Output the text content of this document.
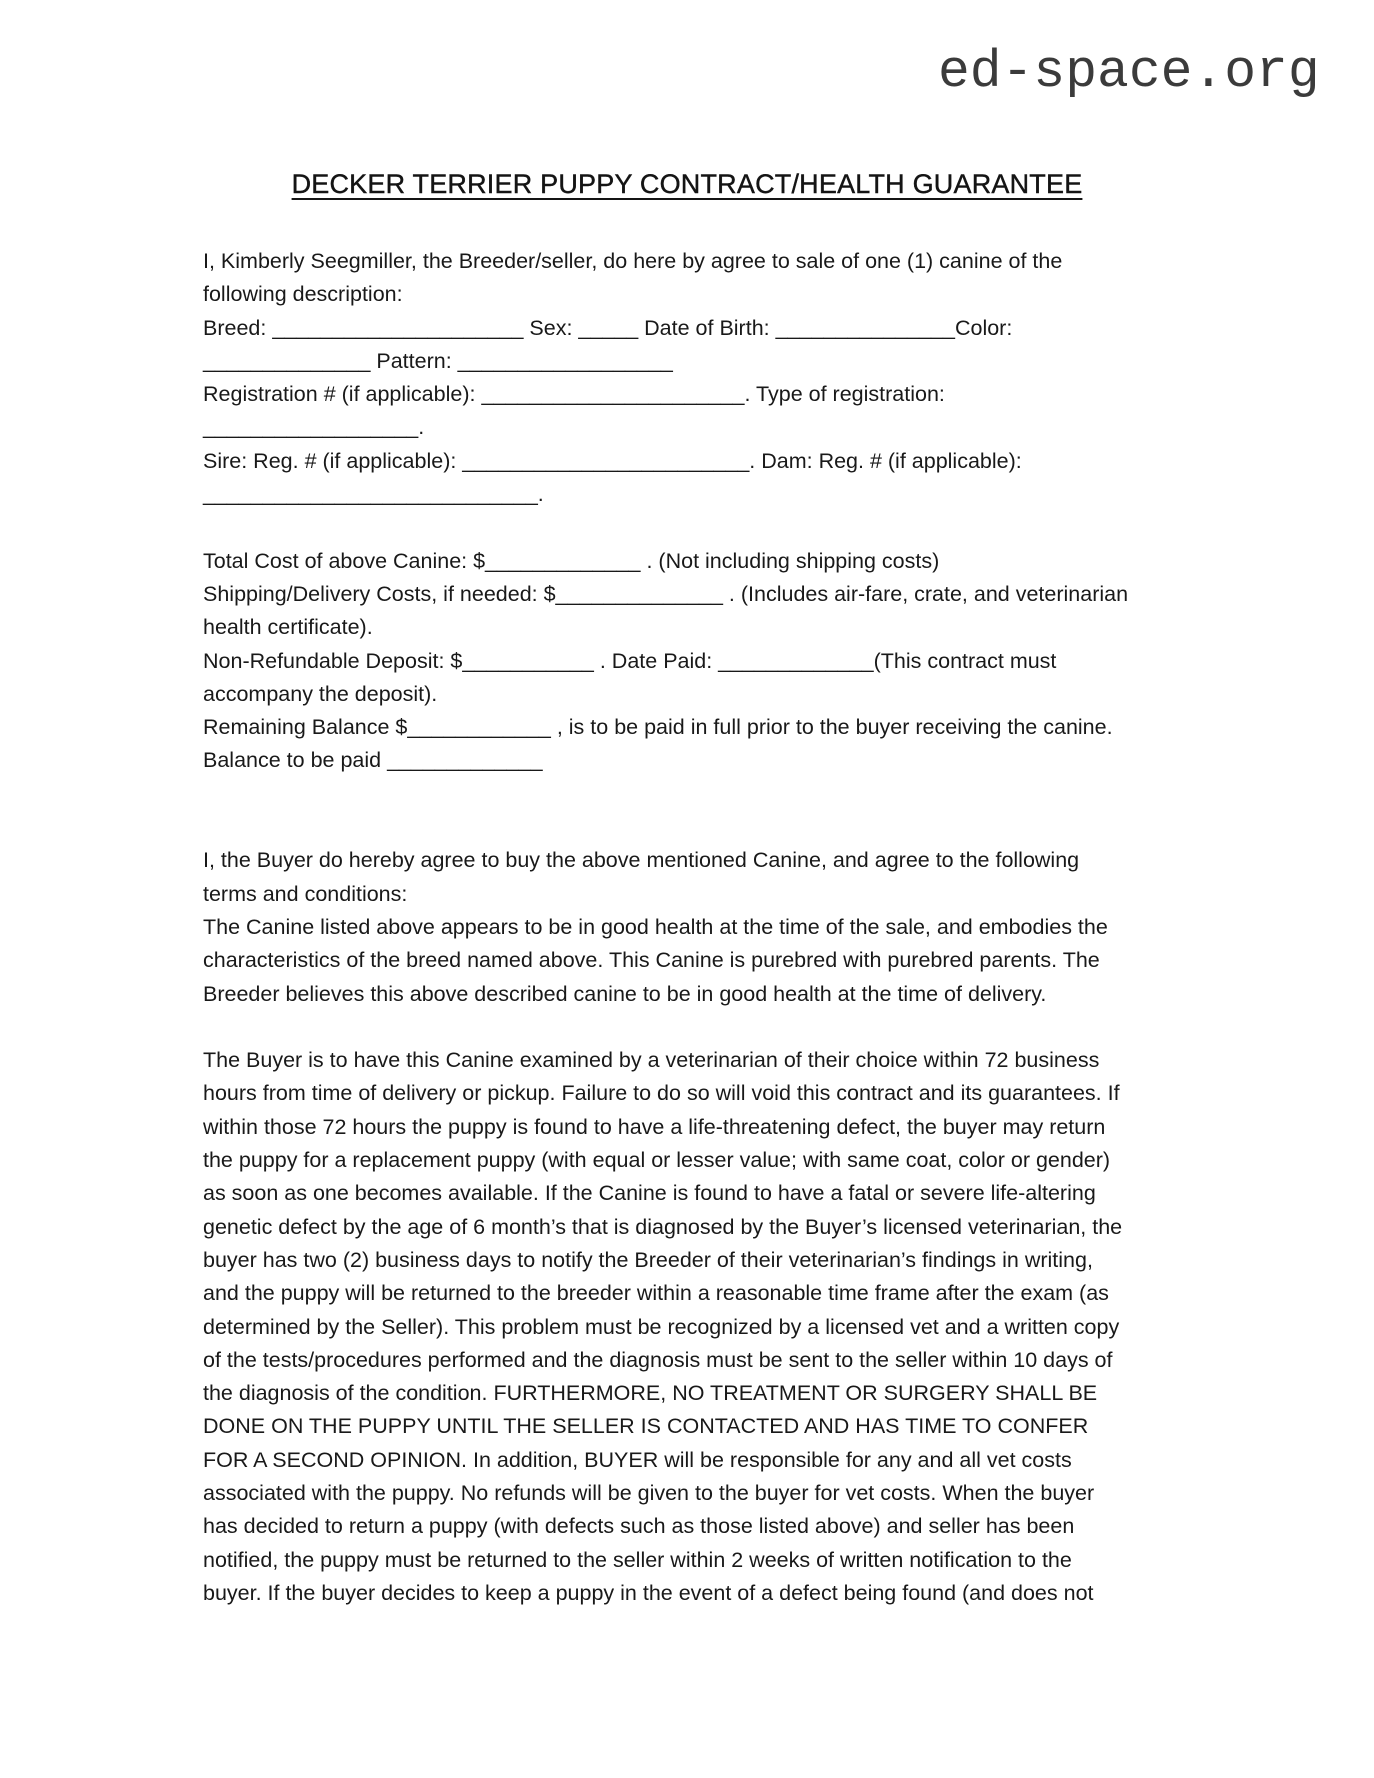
ed-space.org
DECKER TERRIER PUPPY CONTRACT/HEALTH GUARANTEE
I, Kimberly Seegmiller, the Breeder/seller, do here by agree to sale of one (1) canine of the
following description:
Breed: _____________________ Sex: _____ Date of Birth: _______________Color:
______________ Pattern: __________________
Registration # (if applicable): ______________________. Type of registration:
__________________.
Sire: Reg. # (if applicable): ________________________. Dam: Reg. # (if applicable):
____________________________.
Total Cost of above Canine: $_____________ . (Not including shipping costs)
Shipping/Delivery Costs, if needed: $______________ . (Includes air-fare, crate, and veterinarian
health certificate).
Non-Refundable Deposit: $___________ . Date Paid: _____________(This contract must
accompany the deposit).
Remaining Balance $____________ , is to be paid in full prior to the buyer receiving the canine.
Balance to be paid _____________
I, the Buyer do hereby agree to buy the above mentioned Canine, and agree to the following
terms and conditions:
The Canine listed above appears to be in good health at the time of the sale, and embodies the
characteristics of the breed named above. This Canine is purebred with purebred parents. The
Breeder believes this above described canine to be in good health at the time of delivery.
The Buyer is to have this Canine examined by a veterinarian of their choice within 72 business
hours from time of delivery or pickup. Failure to do so will void this contract and its guarantees. If
within those 72 hours the puppy is found to have a life-threatening defect, the buyer may return
the puppy for a replacement puppy (with equal or lesser value; with same coat, color or gender)
as soon as one becomes available. If the Canine is found to have a fatal or severe life-altering
genetic defect by the age of 6 month’s that is diagnosed by the Buyer’s licensed veterinarian, the
buyer has two (2) business days to notify the Breeder of their veterinarian’s findings in writing,
and the puppy will be returned to the breeder within a reasonable time frame after the exam (as
determined by the Seller). This problem must be recognized by a licensed vet and a written copy
of the tests/procedures performed and the diagnosis must be sent to the seller within 10 days of
the diagnosis of the condition. FURTHERMORE, NO TREATMENT OR SURGERY SHALL BE
DONE ON THE PUPPY UNTIL THE SELLER IS CONTACTED AND HAS TIME TO CONFER
FOR A SECOND OPINION. In addition, BUYER will be responsible for any and all vet costs
associated with the puppy. No refunds will be given to the buyer for vet costs. When the buyer
has decided to return a puppy (with defects such as those listed above) and seller has been
notified, the puppy must be returned to the seller within 2 weeks of written notification to the
buyer. If the buyer decides to keep a puppy in the event of a defect being found (and does not
